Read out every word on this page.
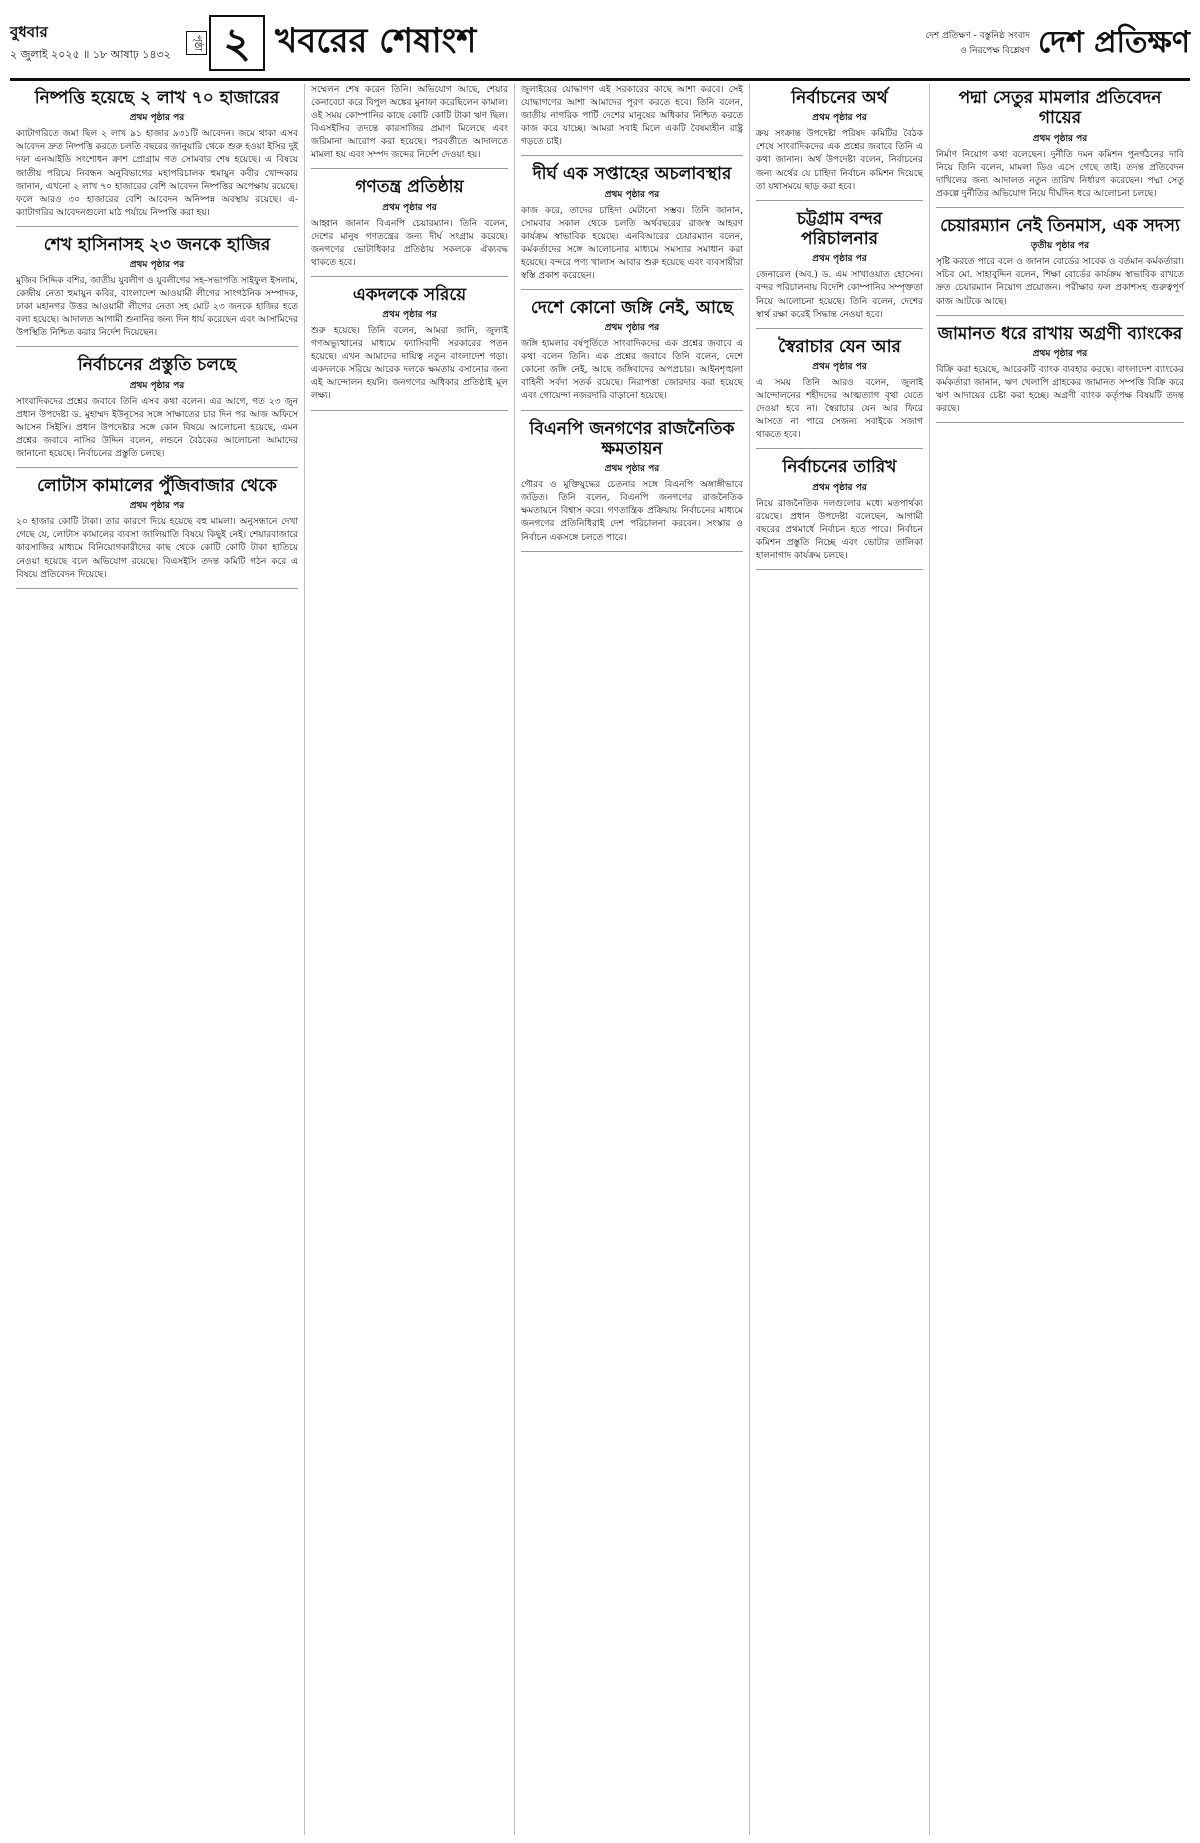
বুধবার
২ জুলাই ২০২৫ ॥ ১৮ আষাঢ় ১৪৩২
পৃষ্ঠা ২ খবরের শেষাংশ	দেশ প্রতিক্ষণ - বস্তুনিষ্ঠ সংবাদ ও নিরপেক্ষ বিশ্লেষণ দেশ প্রতিক্ষণ
নিষ্পত্তি হয়েছে ২ লাখ ৭০ হাজারের
প্রথম পৃষ্ঠার পর

ক্যাটাগরিতে জমা ছিল ২ লাখ ৯১ হাজার ৯৩১টি আবেদন। জমে থাকা এসব আবেদন দ্রুত নিষ্পত্তি করতে চলতি বছরের জানুয়ারি থেকে শুরু হওয়া ইসির দুই দফা এনআইডি সংশোধন ক্রাশ প্রোগ্রাম গত সোমবার শেষ হয়েছে। এ বিষয়ে জাতীয় পরিচয় নিবন্ধন অনুবিভাগের মহাপরিচালক হুমায়ুন কবীর খোন্দকার জানান, এখনো ২ লাখ ৭০ হাজারের বেশি আবেদন নিষ্পত্তির অপেক্ষায় রয়েছে। ফলে আরও ৩০ হাজারের বেশি আবেদন অনিষ্পন্ন অবস্থায় রয়েছে। এ-ক্যাটাগরির আবেদনগুলো মাঠ পর্যায়ে নিষ্পত্তি করা হয়।

শেখ হাসিনাসহ ২৩ জনকে হাজির
প্রথম পৃষ্ঠার পর

মুজিব সিদ্দিক বশির, জাতীয় যুবলীগ ও যুবলীগের সহ-সভাপতি সাইফুল ইসলাম, কেন্দ্রীয় নেতা হুমায়ুন কবির, বাংলাদেশ আওয়ামী লীগের সাংগঠনিক সম্পাদক, ঢাকা মহানগর উত্তর আওয়ামী লীগের নেতা সহ মোট ২৩ জনকে হাজির হতে বলা হয়েছে। আদালত আগামী শুনানির জন্য দিন ধার্য করেছেন এবং আসামিদের উপস্থিতি নিশ্চিত করার নির্দেশ দিয়েছেন।

নির্বাচনের প্রস্তুতি চলছে
প্রথম পৃষ্ঠার পর

সাংবাদিকদের প্রশ্নের জবাবে তিনি এসব কথা বলেন। এর আগে, গত ২৩ জুন প্রধান উপদেষ্টা ড. মুহাম্মদ ইউনূসের সঙ্গে সাক্ষাতের চার দিন পর আজ অফিসে আসেন সিইসি। প্রধান উপদেষ্টার সঙ্গে কোন বিষয়ে আলোচনা হয়েছে, এমন প্রশ্নের জবাবে নাসির উদ্দিন বলেন, লন্ডনে বৈঠকের আলোচনা আমাদের জানানো হয়েছে। নির্বাচনের প্রস্তুতি চলছে।

লোটাস কামালের পুঁজিবাজার থেকে
প্রথম পৃষ্ঠার পর

২০ হাজার কোটি টাকা। তার কারণে দিয়ে হয়েছে বহু মামলা। অনুসন্ধানে দেখা গেছে যে, লোটাস কামালের ব্যবসা জালিয়াতি বিষয়ে কিছুই নেই। শেয়ারবাজারে কারসাজির মাধ্যমে বিনিয়োগকারীদের কাছ থেকে কোটি কোটি টাকা হাতিয়ে নেওয়া হয়েছে বলে অভিযোগ রয়েছে। বিএসইসি তদন্ত কমিটি গঠন করে এ বিষয়ে প্রতিবেদন দিয়েছে।

সম্মেলন শেষ করেন তিনি। অভিযোগ আছে, শেয়ার কেনাবেচা করে বিপুল অঙ্কের মুনাফা করেছিলেন কামাল। ওই সময় কোম্পানির কাছে কোটি কোটি টাকা ঋণ ছিল। বিএসইসির তদন্তে কারসাজির প্রমাণ মিলেছে এবং জরিমানা আরোপ করা হয়েছে। পরবর্তীতে আদালতে মামলা হয় এবং সম্পদ জব্দের নির্দেশ দেওয়া হয়।

গণতন্ত্র প্রতিষ্ঠায়
প্রথম পৃষ্ঠার পর

আহ্বান জানান বিএনপি চেয়ারম্যান। তিনি বলেন, দেশের মানুষ গণতন্ত্রের জন্য দীর্ঘ সংগ্রাম করেছে। জনগণের ভোটাধিকার প্রতিষ্ঠায় সকলকে ঐক্যবদ্ধ থাকতে হবে।

একদলকে সরিয়ে
প্রথম পৃষ্ঠার পর

শুরু হয়েছে। তিনি বলেন, আমরা জানি, জুলাই গণঅভ্যুত্থানের মাধ্যমে ফ্যাসিবাদী সরকারের পতন হয়েছে। এখন আমাদের দায়িত্ব নতুন বাংলাদেশ গড়া। একদলকে সরিয়ে আরেক দলকে ক্ষমতায় বসানোর জন্য এই আন্দোলন হয়নি। জনগণের অধিকার প্রতিষ্ঠাই মূল লক্ষ্য।

জুলাইয়ের যোদ্ধাগণ এই সরকারের কাছে আশা করবে। সেই যোদ্ধাগণের আশা আমাদের পূরণ করতে হবে। তিনি বলেন, জাতীয় নাগরিক পার্টি দেশের মানুষের অধিকার নিশ্চিত করতে কাজ করে যাচ্ছে। আমরা সবাই মিলে একটি বৈষম্যহীন রাষ্ট্র গড়তে চাই।

দীর্ঘ এক সপ্তাহের অচলাবস্থার
প্রথম পৃষ্ঠার পর

কাজ করে, তাদের চাহিদা মেটানো সম্ভব। তিনি জানান, সোমবার সকাল থেকে চলতি অর্থবছরের রাজস্ব আহরণ কার্যক্রম স্বাভাবিক হয়েছে। এনবিআরের চেয়ারম্যান বলেন, কর্মকর্তাদের সঙ্গে আলোচনার মাধ্যমে সমস্যার সমাধান করা হয়েছে। বন্দরে পণ্য খালাস আবার শুরু হয়েছে এবং ব্যবসায়ীরা স্বস্তি প্রকাশ করেছেন।

দেশে কোনো জঙ্গি নেই, আছে
প্রথম পৃষ্ঠার পর

জঙ্গি হামলার বর্ষপূর্তিতে সাংবাদিকদের এক প্রশ্নের জবাবে এ কথা বলেন তিনি। এক প্রশ্নের জবাবে তিনি বলেন, দেশে কোনো জঙ্গি নেই, আছে জঙ্গিবাদের অপপ্রচার। আইনশৃঙ্খলা বাহিনী সর্বদা সতর্ক রয়েছে। নিরাপত্তা জোরদার করা হয়েছে এবং গোয়েন্দা নজরদারি বাড়ানো হয়েছে।

বিএনপি জনগণের রাজনৈতিক ক্ষমতায়ন
প্রথম পৃষ্ঠার পর

গৌরব ও মুক্তিযুদ্ধের চেতনার সঙ্গে বিএনপি অঙ্গাঙ্গীভাবে জড়িত। তিনি বলেন, বিএনপি জনগণের রাজনৈতিক ক্ষমতায়নে বিশ্বাস করে। গণতান্ত্রিক প্রক্রিয়ায় নির্বাচনের মাধ্যমে জনগণের প্রতিনিধিরাই দেশ পরিচালনা করবেন। সংস্কার ও নির্বাচন একসঙ্গে চলতে পারে।

নির্বাচনের অর্থ
প্রথম পৃষ্ঠার পর

ক্রয় সংক্রান্ত উপদেষ্টা পরিষদ কমিটির বৈঠক শেষে সাংবাদিকদের এক প্রশ্নের জবাবে তিনি এ কথা জানান। অর্থ উপদেষ্টা বলেন, নির্বাচনের জন্য অর্থের যে চাহিদা নির্বাচন কমিশন দিয়েছে তা যথাসময়ে ছাড় করা হবে।

চট্টগ্রাম বন্দর পরিচালনার
প্রথম পৃষ্ঠার পর

জেনারেল (অব.) ড. এম সাখাওয়াত হোসেন। বন্দর পরিচালনায় বিদেশি কোম্পানির সম্পৃক্ততা নিয়ে আলোচনা হয়েছে। তিনি বলেন, দেশের স্বার্থ রক্ষা করেই সিদ্ধান্ত নেওয়া হবে।

স্বৈরাচার যেন আর
প্রথম পৃষ্ঠার পর

এ সময় তিনি আরও বলেন, জুলাই আন্দোলনের শহীদদের আত্মত্যাগ বৃথা যেতে দেওয়া হবে না। স্বৈরাচার যেন আর ফিরে আসতে না পারে সেজন্য সবাইকে সজাগ থাকতে হবে।

নির্বাচনের তারিখ
প্রথম পৃষ্ঠার পর

নিয়ে রাজনৈতিক দলগুলোর মধ্যে মতপার্থক্য রয়েছে। প্রধান উপদেষ্টা বলেছেন, আগামী বছরের প্রথমার্ধে নির্বাচন হতে পারে। নির্বাচন কমিশন প্রস্তুতি নিচ্ছে এবং ভোটার তালিকা হালনাগাদ কার্যক্রম চলছে।

পদ্মা সেতুর মামলার প্রতিবেদন গায়ের
প্রথম পৃষ্ঠার পর

নির্মাণ নিয়োগ কথা বলেছেন। দুর্নীতি দমন কমিশন পুনর্গঠনের দাবি নিয়ে তিনি বলেন, মামলা ডিও এসে গেছে তাই। তদন্ত প্রতিবেদন দাখিলের জন্য আদালত নতুন তারিখ নির্ধারণ করেছেন। পদ্মা সেতু প্রকল্পে দুর্নীতির অভিযোগ নিয়ে দীর্ঘদিন ধরে আলোচনা চলছে।

চেয়ারম্যান নেই তিনমাস, এক সদস্য
তৃতীয় পৃষ্ঠার পর

সৃষ্টি করতে পারে বলে ও জানান বোর্ডের সাবেক ও বর্তমান কর্মকর্তারা। সচিব মো. সাহাবুদ্দিন বলেন, শিক্ষা বোর্ডের কার্যক্রম স্বাভাবিক রাখতে দ্রুত চেয়ারম্যান নিয়োগ প্রয়োজন। পরীক্ষার ফল প্রকাশসহ গুরুত্বপূর্ণ কাজ আটকে আছে।

জামানত ধরে রাখায় অগ্রণী ব্যাংকের
প্রথম পৃষ্ঠার পর

বিক্রি করা হয়েছে, আরেকটি ব্যাংক ব্যবহার করছে। বাংলাদেশ ব্যাংকের কর্মকর্তারা জানান, ঋণ খেলাপি গ্রাহকের জামানত সম্পত্তি বিক্রি করে ঋণ আদায়ের চেষ্টা করা হচ্ছে। অগ্রণী ব্যাংক কর্তৃপক্ষ বিষয়টি তদন্ত করছে।
